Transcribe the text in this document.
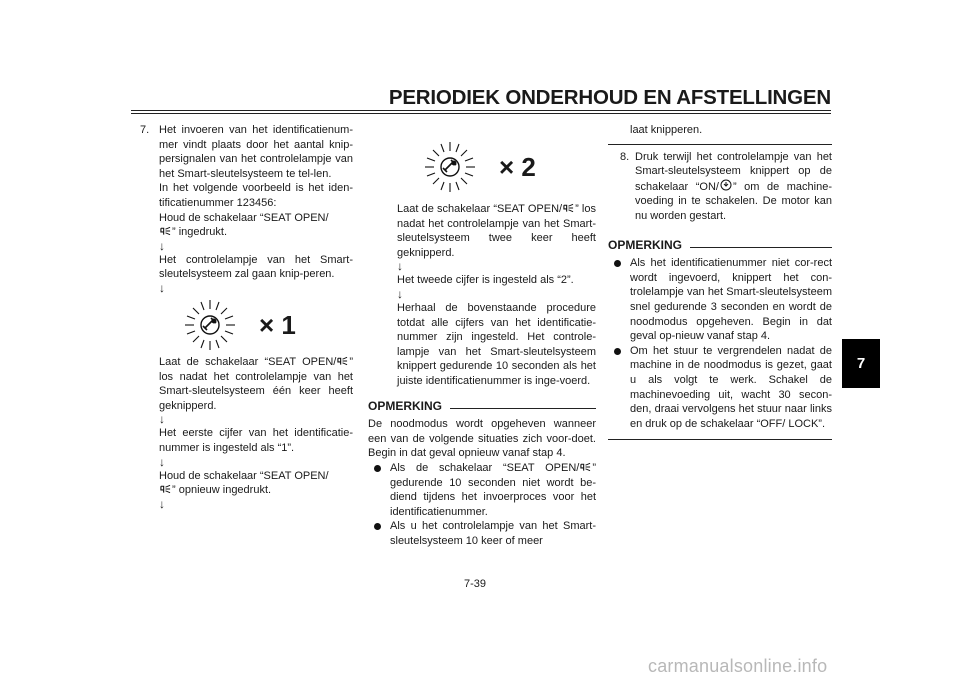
PERIODIEK ONDERHOUD EN AFSTELLINGEN
7
7. Het invoeren van het identificatienum-mer vindt plaats door het aantal knip-persignalen van het controlelampje van het Smart-sleutelsysteem te tel-len.

In het volgende voorbeeld is het iden-tificatienummer 123456:

Houd de schakelaar “SEAT OPEN/
” ingedrukt.

↓

Het controlelampje van het Smart-sleutelsysteem zal gaan knip-peren.

↓
× 1

Laat de schakelaar “SEAT OPEN/ ” los nadat het controlelampje van het Smart-sleutelsysteem één keer heeft geknipperd.

↓

Het eerste cijfer van het identificatie-nummer is ingesteld als “1”.

↓

Houd de schakelaar “SEAT OPEN/
” opnieuw ingedrukt.

↓
× 2

Laat de schakelaar “SEAT OPEN/ ” los nadat het controlelampje van het Smart-sleutelsysteem twee keer heeft geknipperd.

↓

Het tweede cijfer is ingesteld als “2”.

↓

Herhaal de bovenstaande procedure totdat alle cijfers van het identificatie-nummer zijn ingesteld. Het controle-lampje van het Smart-sleutelsysteem knippert gedurende 10 seconden als het juiste identificatienummer is inge-voerd.

OPMERKING

De noodmodus wordt opgeheven wanneer een van de volgende situaties zich voor-doet. Begin in dat geval opnieuw vanaf stap 4.

Als de schakelaar “SEAT OPEN/ ” gedurende 10 seconden niet wordt be-diend tijdens het invoerproces voor het identificatienummer.
Als u het controlelampje van het Smart-sleutelsysteem 10 keer of meer

laat knipperen.

8. Druk terwijl het controlelampje van het Smart-sleutelsysteem knippert op de schakelaar “ON/ ” om de machine-voeding in te schakelen. De motor kan nu worden gestart.
OPMERKING
Als het identificatienummer niet cor-rect wordt ingevoerd, knippert het con-trolelampje van het Smart-sleutelsysteem snel gedurende 3 seconden en wordt de noodmodus opgeheven. Begin in dat geval op-nieuw vanaf stap 4.
Om het stuur te vergrendelen nadat de machine in de noodmodus is gezet, gaat u als volgt te werk. Schakel de machinevoeding uit, wacht 30 secon-den, draai vervolgens het stuur naar links en druk op de schakelaar “OFF/ LOCK”.
7-39
carmanualsonline.info
